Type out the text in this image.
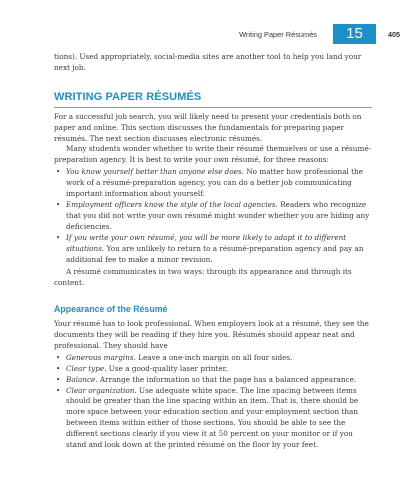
Writing Paper Résumés	15	405

tions). Used appropriately, social-media sites are another tool to help you land your next job.

WRITING PAPER RÉSUMÉS

For a successful job search, you will likely need to present your credentials both on paper and online. This section discusses the fundamentals for preparing paper résumés. The next section discusses electronic résumés.

Many students wonder whether to write their résumé themselves or use a résumé-preparation agency. It is best to write your own résumé, for three reasons:

• You know yourself better than anyone else does. No matter how professional the work of a résumé-preparation agency, you can do a better job communicating important information about yourself.
• Employment officers know the style of the local agencies. Readers who recognize that you did not write your own résumé might wonder whether you are hiding any deficiencies.
• If you write your own résumé, you will be more likely to adapt it to different situations. You are unlikely to return to a résumé-preparation agency and pay an additional fee to make a minor revision.

A résumé communicates in two ways: through its appearance and through its content.

Appearance of the Résumé

Your résumé has to look professional. When employers look at a résumé, they see the documents they will be reading if they hire you. Résumés should appear neat and professional. They should have

• Generous margins. Leave a one-inch margin on all four sides.
• Clear type. Use a good-quality laser printer.
• Balance. Arrange the information so that the page has a balanced appearance.
• Clear organization. Use adequate white space. The line spacing between items should be greater than the line spacing within an item. That is, there should be more space between your education section and your employment section than between items within either of those sections. You should be able to see the different sections clearly if you view it at 50 percent on your monitor or if you stand and look down at the printed résumé on the floor by your feet.
